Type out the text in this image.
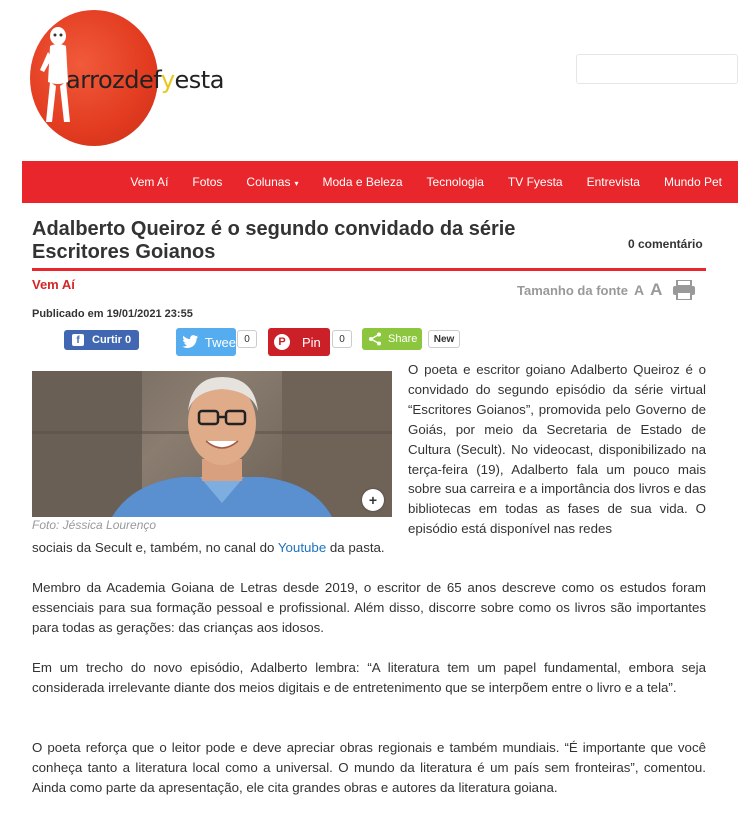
arrozdefyesta
Vem Aí Fotos Colunas ▾ Moda e Beleza Tecnologia TV Fyesta Entrevista Mundo Pet
Adalberto Queiroz é o segundo convidado da série Escritores Goianos	0 comentário
Vem Aí	Tamanho da fonte A A
Publicado em 19/01/2021 23:55
f	Curtir 0	Twee 0	P	Pin	0	Share	New
+
Foto: Jéssica Lourenço

O poeta e escritor goiano Adalberto Queiroz é o convidado do segundo episódio da série virtual “Escritores Goianos”, promovida pelo Governo de Goiás, por meio da Secretaria de Estado de Cultura (Secult). No videocast, disponibilizado na terça-feira (19), Adalberto fala um pouco mais sobre sua carreira e a importância dos livros e das bibliotecas em todas as fases de sua vida. O episódio está disponível nas redes

sociais da Secult e, também, no canal do Youtube da pasta.

Membro da Academia Goiana de Letras desde 2019, o escritor de 65 anos descreve como os estudos foram essenciais para sua formação pessoal e profissional. Além disso, discorre sobre como os livros são importantes para todas as gerações: das crianças aos idosos.

Em um trecho do novo episódio, Adalberto lembra: “A literatura tem um papel fundamental, embora seja considerada irrelevante diante dos meios digitais e de entretenimento que se interpõem entre o livro e a tela”.

O poeta reforça que o leitor pode e deve apreciar obras regionais e também mundiais. “É importante que você conheça tanto a literatura local como a universal. O mundo da literatura é um país sem fronteiras”, comentou. Ainda como parte da apresentação, ele cita grandes obras e autores da literatura goiana.
